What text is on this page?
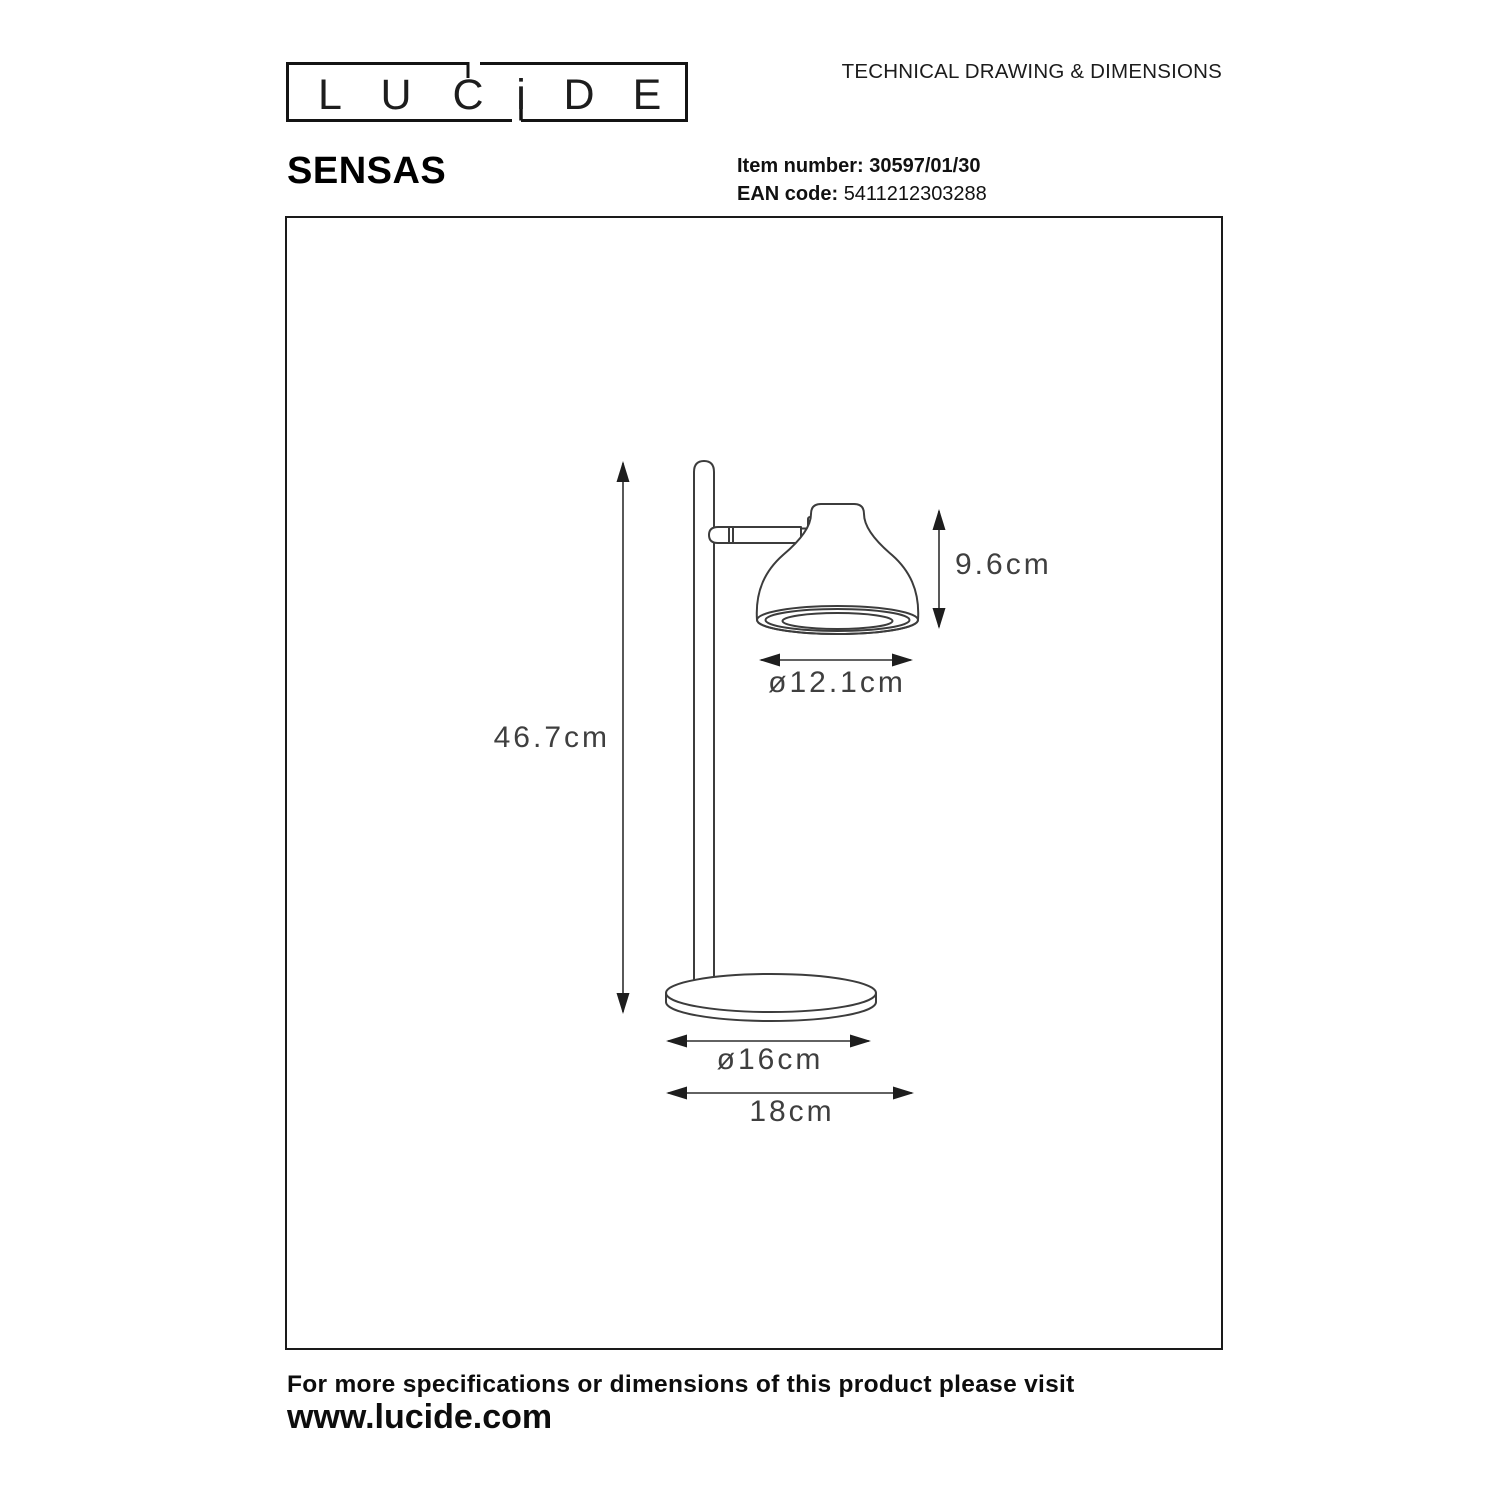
L U C i D E	TECHNICAL DRAWING & DIMENSIONS
SENSAS	Item number: 30597/01/30
EAN code: 5411212303288
46.7cm
9.6cm
ø12.1cm
ø16cm
18cm
For more specifications or dimensions of this product please visit
www.lucide.com
